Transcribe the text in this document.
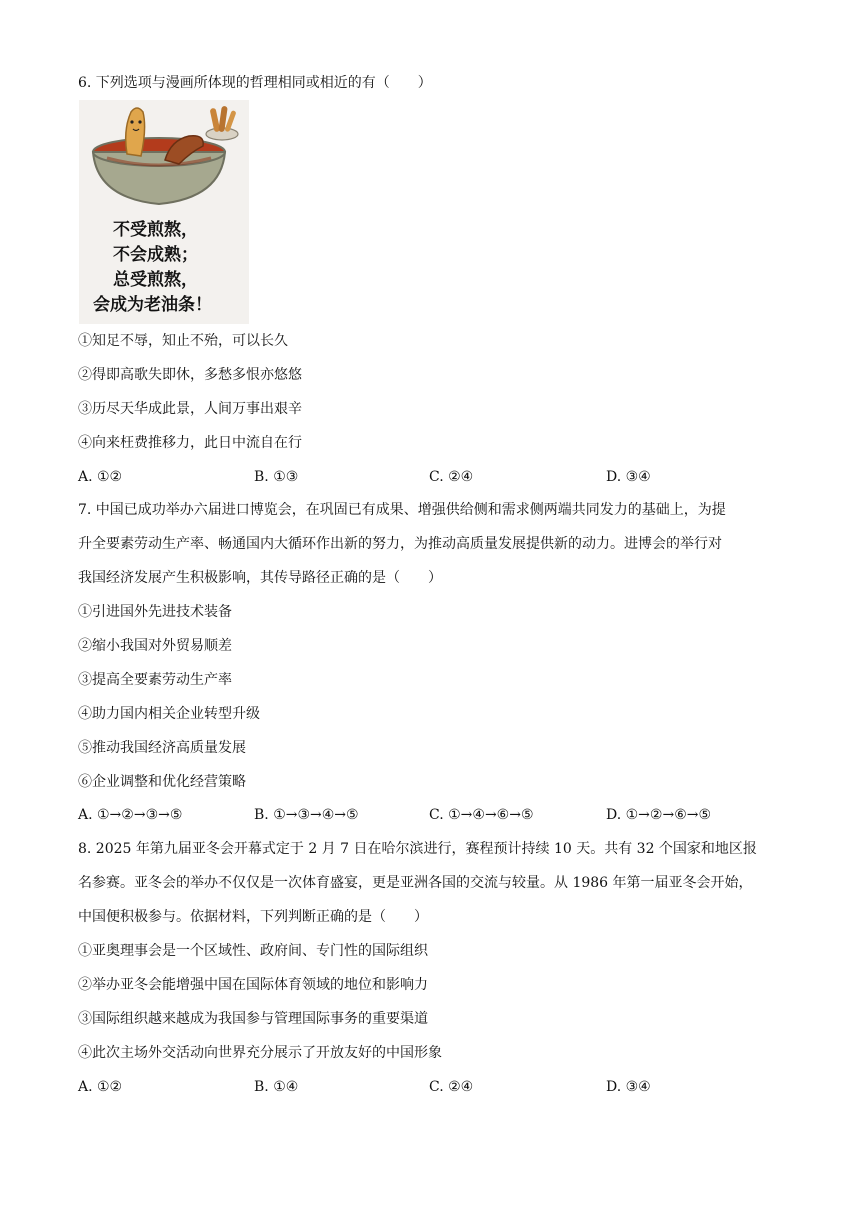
6. 下列选项与漫画所体现的哲理相同或相近的有（　　）
不受煎熬，
不会成熟；
总受煎熬，
会成为老油条！
①知足不辱，知止不殆，可以长久
②得即高歌失即休，多愁多恨亦悠悠
③历尽天华成此景，人间万事出艰辛
④向来枉费推移力，此日中流自在行
A. ①②	B. ①③	C. ②④	D. ③④
7. 中国已成功举办六届进口博览会，在巩固已有成果、增强供给侧和需求侧两端共同发力的基础上，为提
升全要素劳动生产率、畅通国内大循环作出新的努力，为推动高质量发展提供新的动力。进博会的举行对
我国经济发展产生积极影响，其传导路径正确的是（　　）
①引进国外先进技术装备
②缩小我国对外贸易顺差
③提高全要素劳动生产率
④助力国内相关企业转型升级
⑤推动我国经济高质量发展
⑥企业调整和优化经营策略
A. ①→②→③→⑤	B. ①→③→④→⑤	C. ①→④→⑥→⑤	D. ①→②→⑥→⑤
8. 2025 年第九届亚冬会开幕式定于 2 月 7 日在哈尔滨进行，赛程预计持续 10 天。共有 32 个国家和地区报
名参赛。亚冬会的举办不仅仅是一次体育盛宴，更是亚洲各国的交流与较量。从 1986 年第一届亚冬会开始，
中国便积极参与。依据材料，下列判断正确的是（　　）
①亚奥理事会是一个区域性、政府间、专门性的国际组织
②举办亚冬会能增强中国在国际体育领域的地位和影响力
③国际组织越来越成为我国参与管理国际事务的重要渠道
④此次主场外交活动向世界充分展示了开放友好的中国形象
A. ①②	B. ①④	C. ②④	D. ③④
